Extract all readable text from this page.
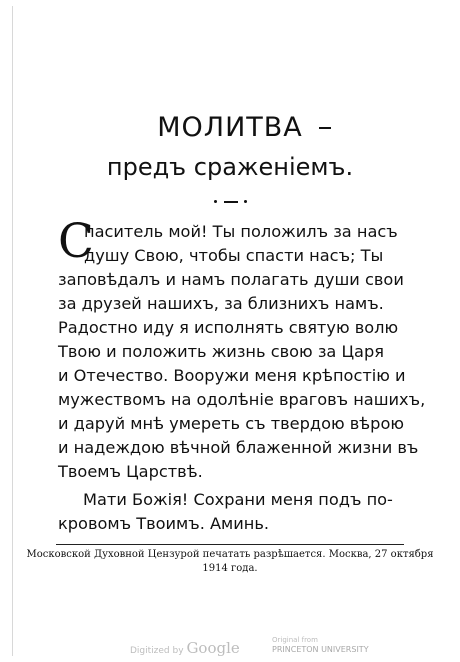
МОЛИТВА
предъ сраженiемъ.
С
паситель мой! Ты положилъ за насъ
душу Свою, чтобы спасти насъ; Ты
заповѣдалъ и намъ полагать души свои
за друзей нашихъ, за близнихъ намъ.
Радостно иду я исполнять святую волю
Твою и положить жизнь свою за Царя
и Отечество. Вооружи меня крѣпостiю и
мужествомъ на одолѣнiе враговъ нашихъ,
и даруй мнѣ умереть съ твердою вѣрою
и надеждою вѣчной блаженной жизни въ
Твоемъ Царствѣ.
Мати Божiя! Сохрани меня подъ по-
кровомъ Твоимъ. Аминь.
Московской Духовной Цензурой печатать разрѣшается. Москва, 27 октября
1914 года.
Digitized by Google	Original from
PRINCETON UNIVERSITY
